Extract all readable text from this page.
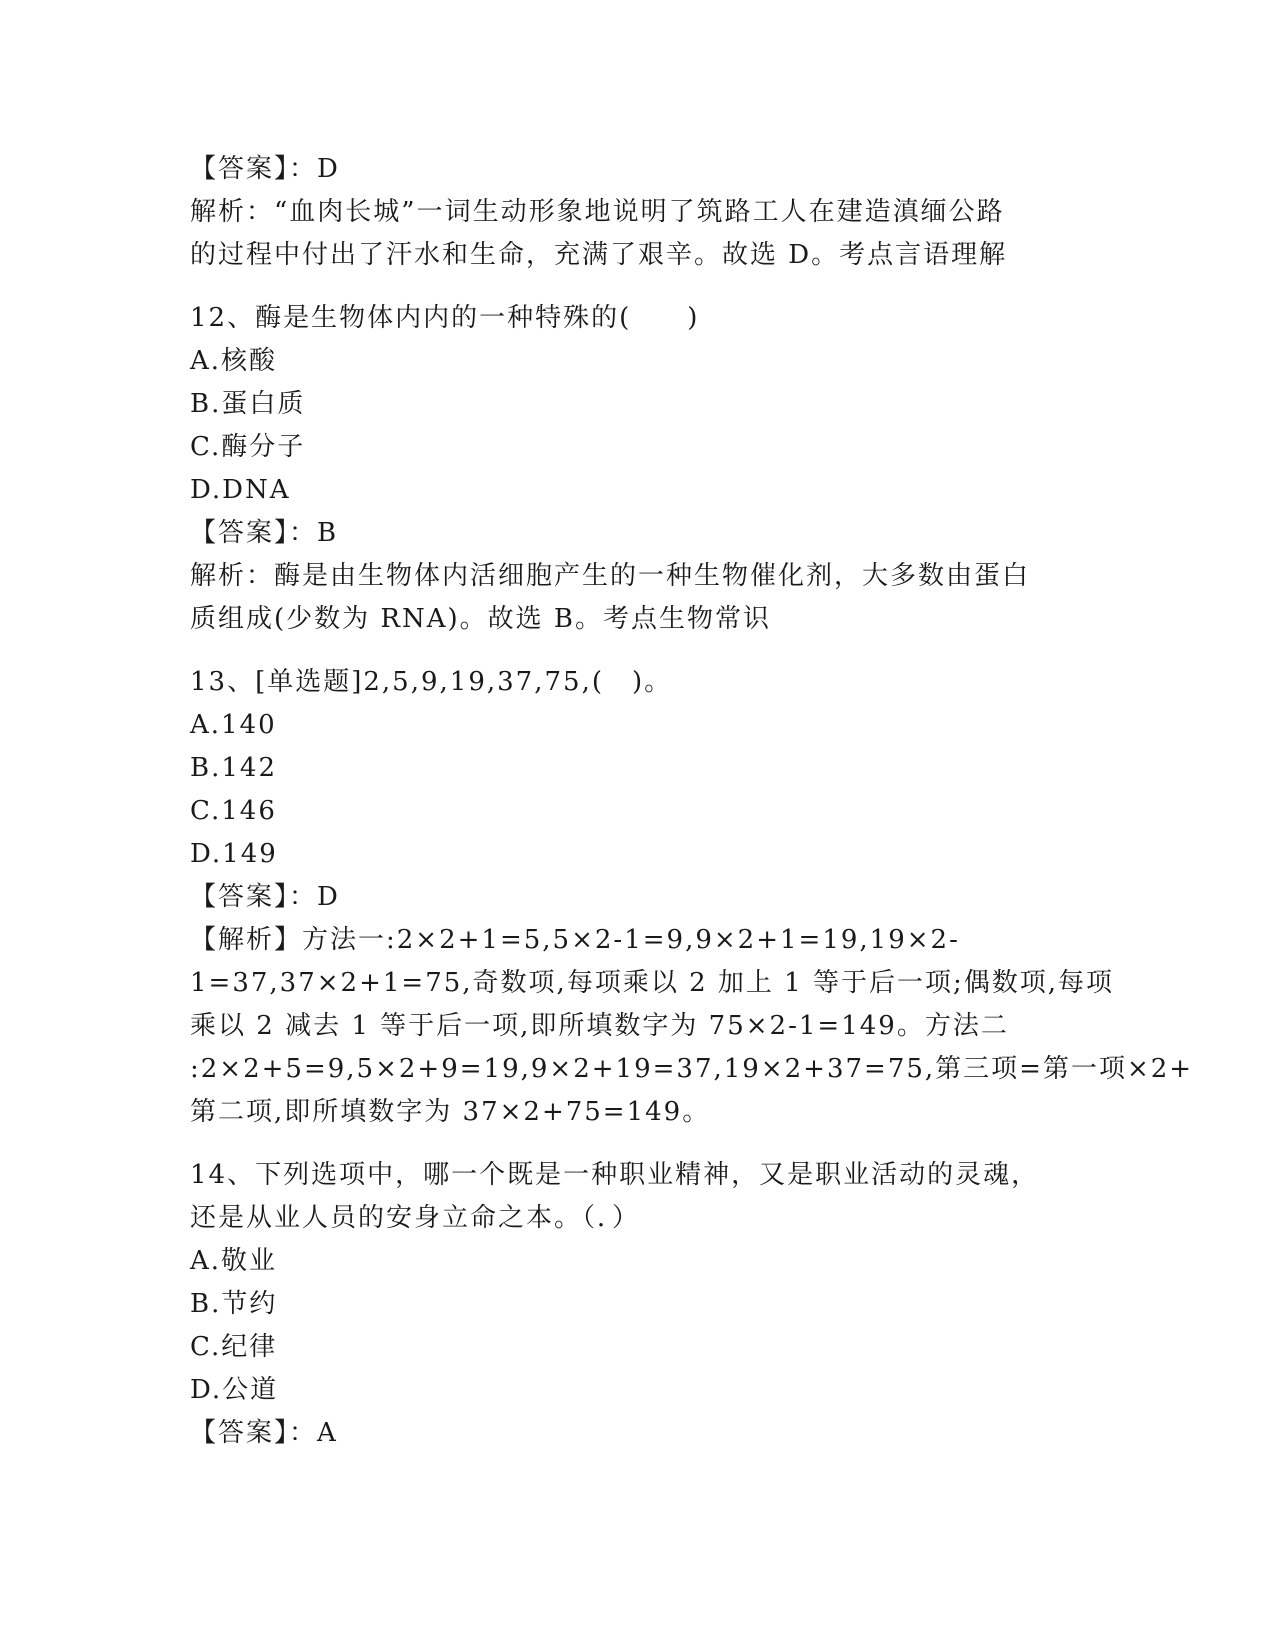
【答案】：D
解析：“血肉长城”一词生动形象地说明了筑路工人在建造滇缅公路
的过程中付出了汗水和生命，充满了艰辛。故选 D。考点言语理解
12、酶是生物体内内的一种特殊的(　　)
A.核酸
B.蛋白质
C.酶分子
D.DNA
【答案】：B
解析：酶是由生物体内活细胞产生的一种生物催化剂，大多数由蛋白
质组成(少数为 RNA)。故选 B。考点生物常识
13、[单选题]2,5,9,19,37,75,(　)。
A.140
B.142
C.146
D.149
【答案】：D
【解析】方法一:2×2+1=5,5×2-1=9,9×2+1=19,19×2-
1=37,37×2+1=75,奇数项,每项乘以 2 加上 1 等于后一项;偶数项,每项
乘以 2 减去 1 等于后一项,即所填数字为 75×2-1=149。方法二
:2×2+5=9,5×2+9=19,9×2+19=37,19×2+37=75,第三项=第一项×2+
第二项,即所填数字为 37×2+75=149。
14、下列选项中，哪一个既是一种职业精神，又是职业活动的灵魂，
还是从业人员的安身立命之本。（．）
A.敬业
B.节约
C.纪律
D.公道
【答案】：A
